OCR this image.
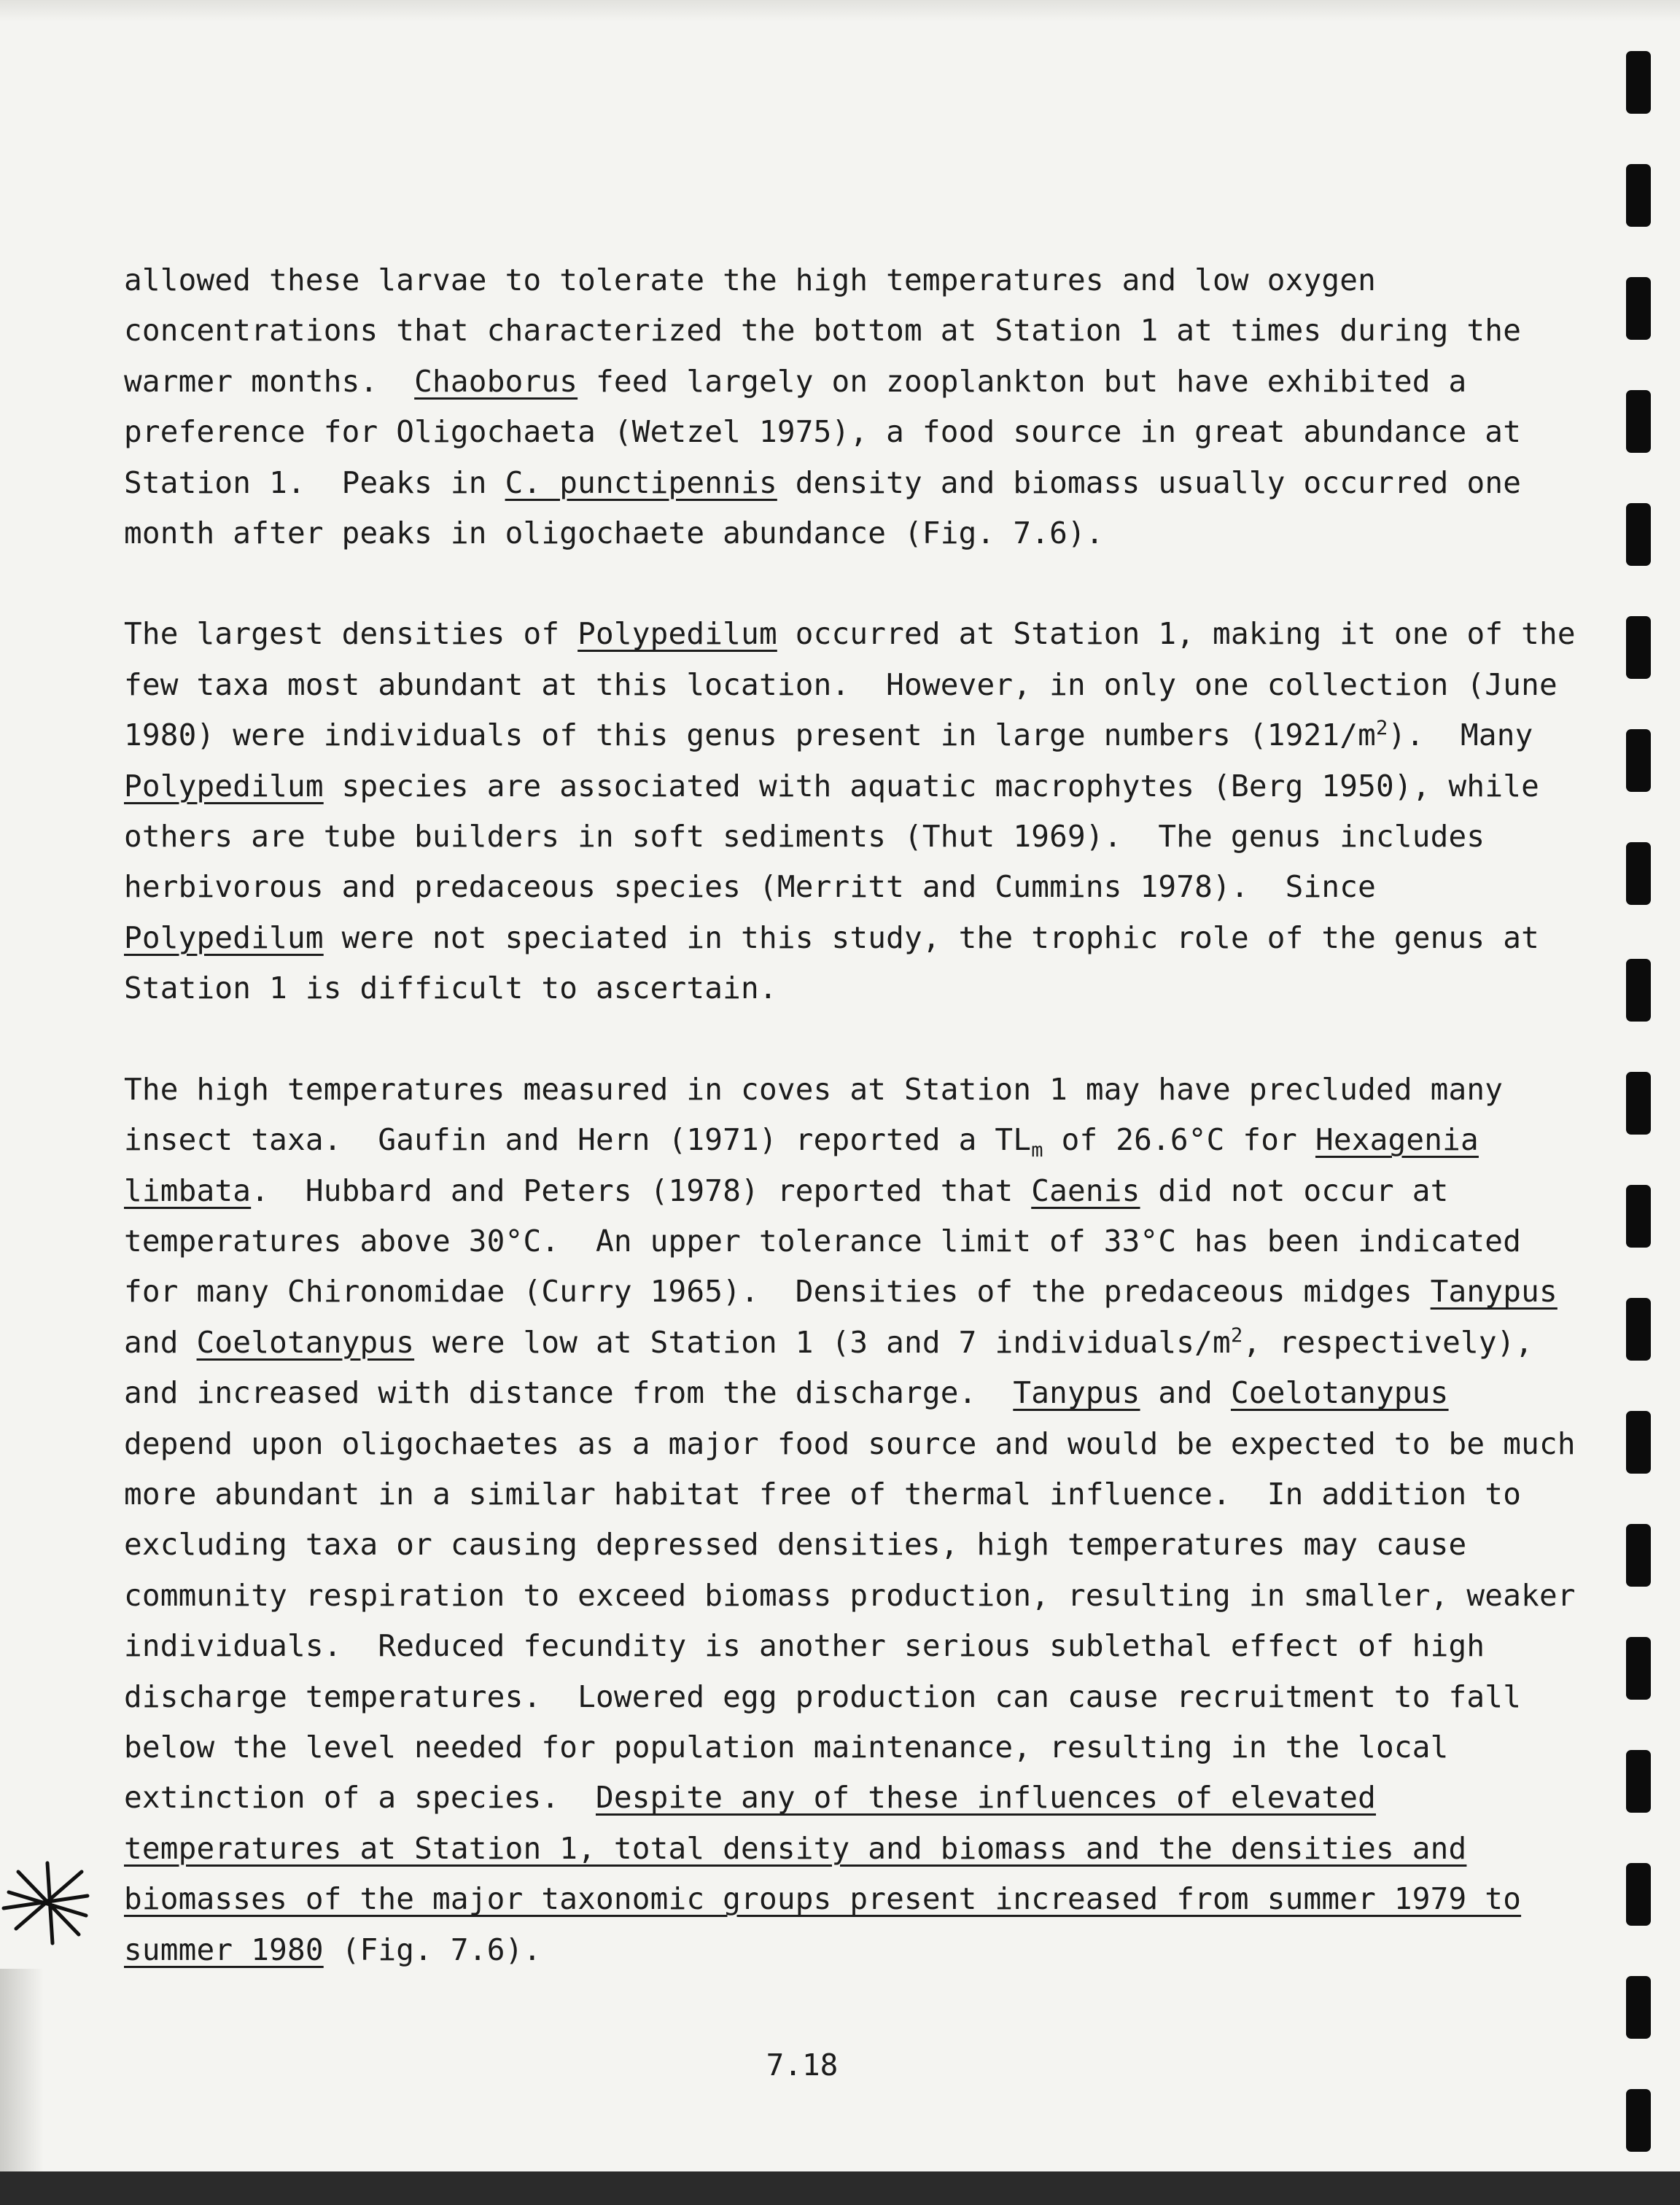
allowed these larvae to tolerate the high temperatures and low oxygen
concentrations that characterized the bottom at Station 1 at times during the
warmer months.  Chaoborus feed largely on zooplankton but have exhibited a
preference for Oligochaeta (Wetzel 1975), a food source in great abundance at
Station 1.  Peaks in C. punctipennis density and biomass usually occurred one
month after peaks in oligochaete abundance (Fig. 7.6).

The largest densities of Polypedilum occurred at Station 1, making it one of the
few taxa most abundant at this location.  However, in only one collection (June
1980) were individuals of this genus present in large numbers $(1921/m^2)$.  Many
Polypedilum species are associated with aquatic macrophytes (Berg 1950), while
others are tube builders in soft sediments (Thut 1969).  The genus includes
herbivorous and predaceous species (Merritt and Cummins 1978).  Since
Polypedilum were not speciated in this study, the trophic role of the genus at
Station 1 is difficult to ascertain.

The high temperatures measured in coves at Station 1 may have precluded many
insect taxa.  Gaufin and Hern (1971) reported a $TL_m$ of 26.6°C for Hexagenia
limbata.  Hubbard and Peters (1978) reported that Caenis did not occur at
temperatures above 30°C.  An upper tolerance limit of 33°C has been indicated
for many Chironomidae (Curry 1965).  Densities of the predaceous midges Tanypus
and Coelotanypus were low at Station 1 (3 and 7 individuals/$m^2$, respectively),
and increased with distance from the discharge.  Tanypus and Coelotanypus
depend upon oligochaetes as a major food source and would be expected to be much
more abundant in a similar habitat free of thermal influence.  In addition to
excluding taxa or causing depressed densities, high temperatures may cause
community respiration to exceed biomass production, resulting in smaller, weaker
individuals.  Reduced fecundity is another serious sublethal effect of high
discharge temperatures.  Lowered egg production can cause recruitment to fall
below the level needed for population maintenance, resulting in the local
extinction of a species.  Despite any of these influences of elevated
temperatures at Station 1, total density and biomass and the densities and
biomasses of the major taxonomic groups present increased from summer 1979 to
summer 1980 (Fig. 7.6).

7.18
